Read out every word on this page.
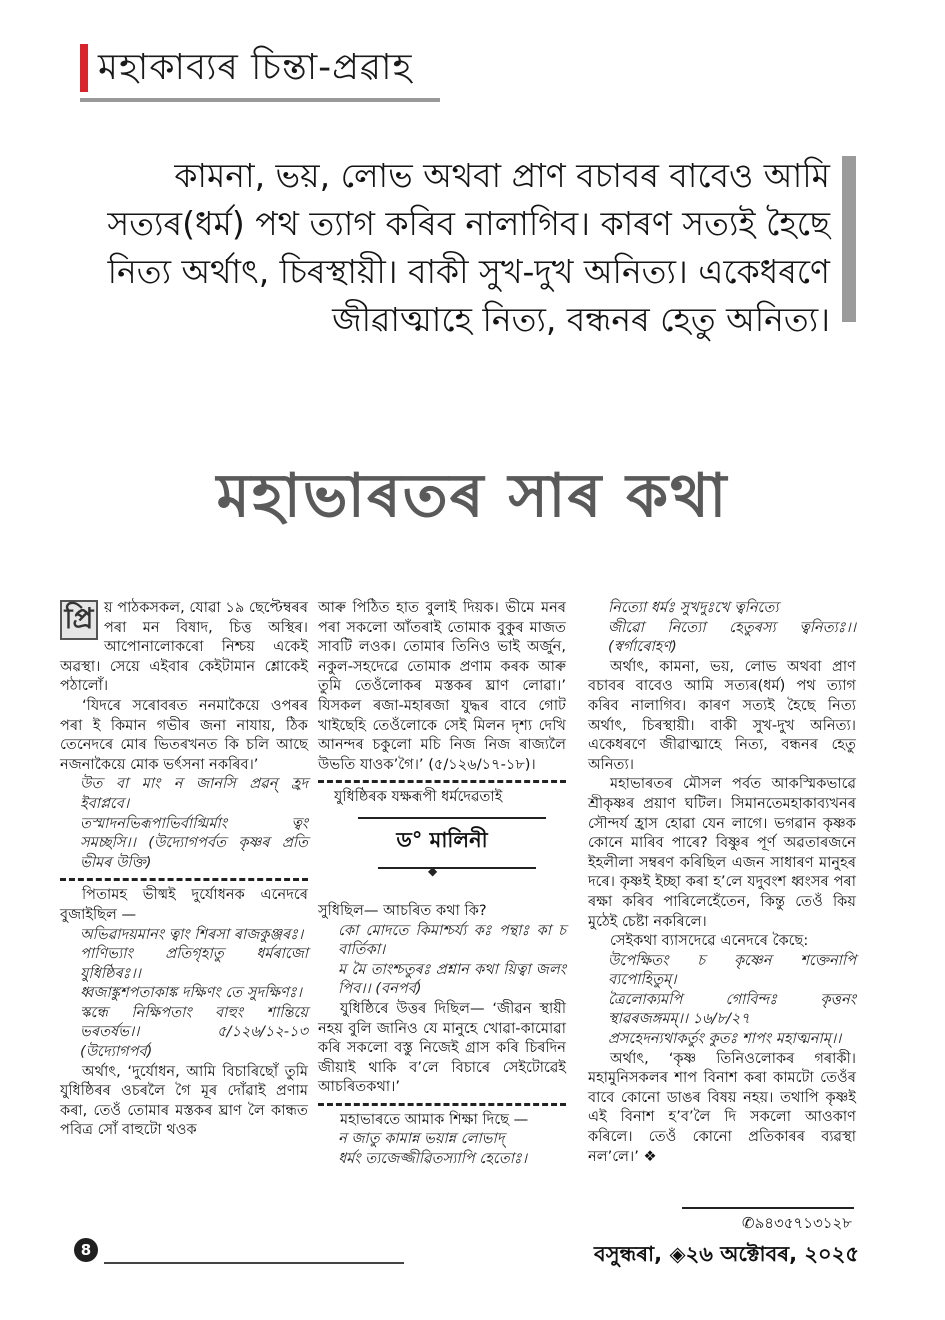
মহাকাব্যৰ চিন্তা-প্ৰৱাহ
কামনা, ভয়, লোভ অথবা প্ৰাণ বচাবৰ বাবেও আমি
সত্যৰ(ধৰ্ম) পথ ত্যাগ কৰিব নালাগিব। কাৰণ সত্যই হৈছে
নিত্য অৰ্থাৎ, চিৰস্থায়ী। বাকী সুখ-দুখ অনিত্য। একেধৰণে
জীৱাত্মাহে নিত্য, বন্ধনৰ হেতু অনিত্য।
মহাভাৰতৰ সাৰ কথা
প্ৰি য় পাঠকসকল, যোৱা ১৯ ছেপ্টেম্বৰৰ পৰা মন বিষাদ, চিত্ত অস্থিৰ। আপোনালোকৰো নিশ্চয় একেই অৱস্থা। সেয়ে এইবাৰ কেইটামান শ্লোকেই পঠালোঁ।

‘যিদৰে সৰোবৰত ননমাকৈয়ে ওপৰৰ পৰা ই কিমান গভীৰ জনা নাযায়, ঠিক তেনেদৰে মোৰ ভিতৰখনত কি চলি আছে নজনাকৈয়ে মোক ভৰ্ৎসনা নকৰিব।’

উত বা মাং ন জানসি প্ৰৱন্ হ্ৰদ ইবাপ্লবে।

তস্মাদনভিৰূপাভিৰ্বাগ্মিৰ্মাং ত্বং সমচ্ছসি।। (উদ্যোগপৰ্বত কৃষ্ণৰ প্ৰতি ভীমৰ উক্তি)

পিতামহ ভীষ্মই দুৰ্যোধনক এনেদৰে বুজাইছিল —

অভিৱাদয়মানং ত্বাং শিৰসা ৰাজকুঞ্জৰঃ।

পাণিভ্যাং প্ৰতিগৃহাতু ধৰ্মৰাজো যুধিষ্ঠিৰঃ।।

ধ্বজাঙ্কুশপতাকাঙ্ক দক্ষিণং তে সুদক্ষিণঃ।

স্কন্ধে নিক্ষিপতাং বাহুং শান্তিয়ে ভৰতৰ্ষভ।। ৫/১২৬/১২-১৩ (উদ্যোগপৰ্ব)

অৰ্থাৎ, ‘দুৰ্যোধন, আমি বিচাৰিছোঁ তুমি যুধিষ্ঠিৰৰ ওচৰলৈ গৈ মূৰ দোঁৱাই প্ৰণাম কৰা, তেওঁ তোমাৰ মস্তকৰ ঘ্ৰাণ লৈ কান্ধত পবিত্ৰ সোঁ বাহুটো থওক

আৰু পিঠিত হাত বুলাই দিয়ক। ভীমে মনৰ পৰা সকলো আঁতৰাই তোমাক বুকুৰ মাজত সাবটি লওক। তোমাৰ তিনিও ভাই অৰ্জুন, নকুল-সহদেৱে তোমাক প্ৰণাম কৰক আৰু তুমি তেওঁলোকৰ মস্তকৰ ঘ্ৰাণ লোৱা।’ যিসকল ৰজা-মহাৰজা যুদ্ধৰ বাবে গোট খাইছেহি তেওঁলোকে সেই মিলন দৃশ্য দেখি আনন্দৰ চকুলো মচি নিজ নিজ ৰাজ্যলৈ উভতি যাওক’গৈ।’ (৫/১২৬/১৭-১৮)।

যুধিষ্ঠিৰক যক্ষৰূপী ধৰ্মদেৱতাই

ড° মালিনী
◆

সুধিছিল— আচৰিত কথা কি?

কো মোদতে কিমাশ্চৰ্য্য কঃ পন্থাঃ কা চ বাৰ্তিকা।

ম মৈ তাংশ্চতুৰঃ প্ৰশ্নান কথা য়িত্বা জলং পিব।। (বনপৰ্ব)

যুধিষ্ঠিৰে উত্তৰ দিছিল— ‘জীৱন স্থায়ী নহয় বুলি জানিও যে মানুহে খোৱা-কামোৱা কৰি সকলো বস্তু নিজেই গ্ৰাস কৰি চিৰদিন জীয়াই থাকি ব’লে বিচাৰে সেইটোৱেই আচৰিতকথা।’

মহাভাৰতে আমাক শিক্ষা দিছে —

ন জাতু কামান্ন ভয়ান্ন লোভাদ্

ধৰ্মং ত্যজেজ্জীৱিতস্যাপি হেতোঃ।

নিত্যো ধৰ্মঃ সুখদুঃখে ত্বনিত্যে

জীৱো নিত্যো হেতুৰস্য ত্বনিত্যঃ।। (স্বৰ্গাৰোহণ)

অৰ্থাৎ, কামনা, ভয়, লোভ অথবা প্ৰাণ বচাবৰ বাবেও আমি সত্যৰ(ধৰ্ম) পথ ত্যাগ কৰিব নালাগিব। কাৰণ সত্যই হৈছে নিত্য অৰ্থাৎ, চিৰস্থায়ী। বাকী সুখ-দুখ অনিত্য। একেধৰণে জীৱাত্মাহে নিত্য, বন্ধনৰ হেতু অনিত্য।

মহাভাৰতৰ মৌসল পৰ্বত আকস্মিকভাৱে শ্ৰীকৃষ্ণৰ প্ৰয়াণ ঘটিল। সিমানতেমহাকাব্যখনৰ সৌন্দৰ্য হ্ৰাস হোৱা যেন লাগে। ভগৱান কৃষ্ণক কোনে মাৰিব পাৰে? বিষ্ণুৰ পূৰ্ণ অৱতাৰজনে ইহলীলা সম্বৰণ কৰিছিল এজন সাধাৰণ মানুহৰ দৰে। কৃষ্ণই ইচ্ছা কৰা হ’লে যদুবংশ ধ্বংসৰ পৰা ৰক্ষা কৰিব পাৰিলেহেঁতেন, কিন্তু তেওঁ কিয় মুঠেই চেষ্টা নকৰিলে।

সেইকথা ব্যাসদেৱে এনেদৰে কৈছে:

উপেক্ষিতং চ কৃষ্ণেন শক্তেনাপি ব্যপোহিতুম্।

ত্ৰৈলোক্যমপি গোবিন্দঃ কৃত্তনং স্থাৱৰজঙ্গমম্।। ১৬/৮/২৭

প্ৰসহেদন্যথাকৰ্তুং কুতঃ শাপং মহাত্মনাম্।।

অৰ্থাৎ, ‘কৃষ্ণ তিনিওলোকৰ গৰাকী। মহামুনিসকলৰ শাপ বিনাশ কৰা কামটো তেওঁৰ বাবে কোনো ডাঙৰ বিষয় নহয়। তথাপি কৃষ্ণই এই বিনাশ হ’ব’লৈ দি সকলো আওকাণ কৰিলে। তেওঁ কোনো প্ৰতিকাৰৰ ব্যৱস্থা নল’লে।’ ❖

✆৯৪৩৫৭১৩১২৮
8	বসুন্ধৰা, ◈২৬ অক্টোবৰ, ২০২৫
